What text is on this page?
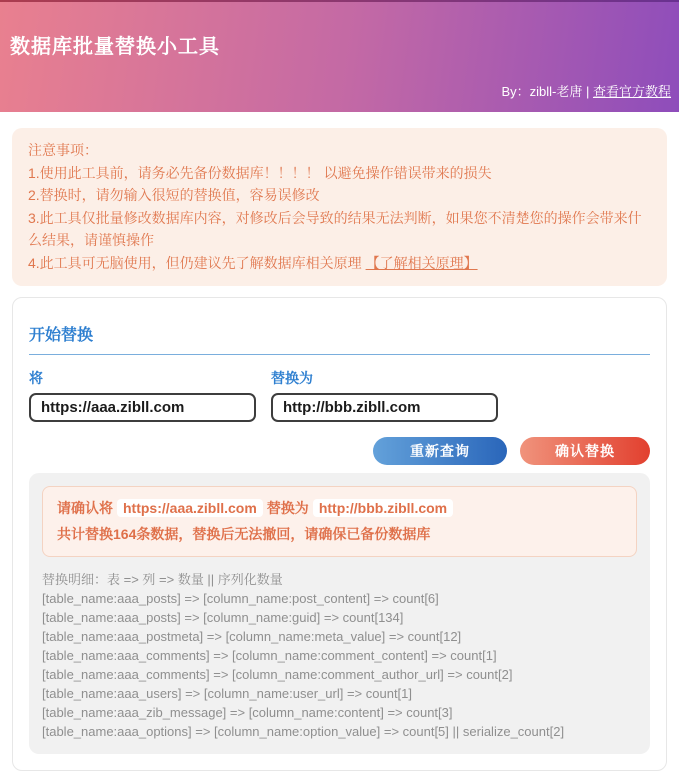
数据库批量替换小工具
By：zibll-老唐 | 查看官方教程
注意事项：
1.使用此工具前，请务必先备份数据库！！！！ 以避免操作错误带来的损失
2.替换时，请勿输入很短的替换值，容易误修改
3.此工具仅批量修改数据库内容，对修改后会导致的结果无法判断，如果您不清楚您的操作会带来什么结果，请谨慎操作
4.此工具可无脑使用，但仍建议先了解数据库相关原理 【了解相关原理】
开始替换
将
https://aaa.zibll.com	替换为
http://bbb.zibll.com
重新查询	确认替换
请确认将 https://aaa.zibll.com 替换为 http://bbb.zibll.com
共计替换164条数据，替换后无法撤回，请确保已备份数据库
替换明细：表 => 列 => 数量 || 序列化数量
[table_name:aaa_posts] => [column_name:post_content] => count[6]
[table_name:aaa_posts] => [column_name:guid] => count[134]
[table_name:aaa_postmeta] => [column_name:meta_value] => count[12]
[table_name:aaa_comments] => [column_name:comment_content] => count[1]
[table_name:aaa_comments] => [column_name:comment_author_url] => count[2]
[table_name:aaa_users] => [column_name:user_url] => count[1]
[table_name:aaa_zib_message] => [column_name:content] => count[3]
[table_name:aaa_options] => [column_name:option_value] => count[5] || serialize_count[2]
